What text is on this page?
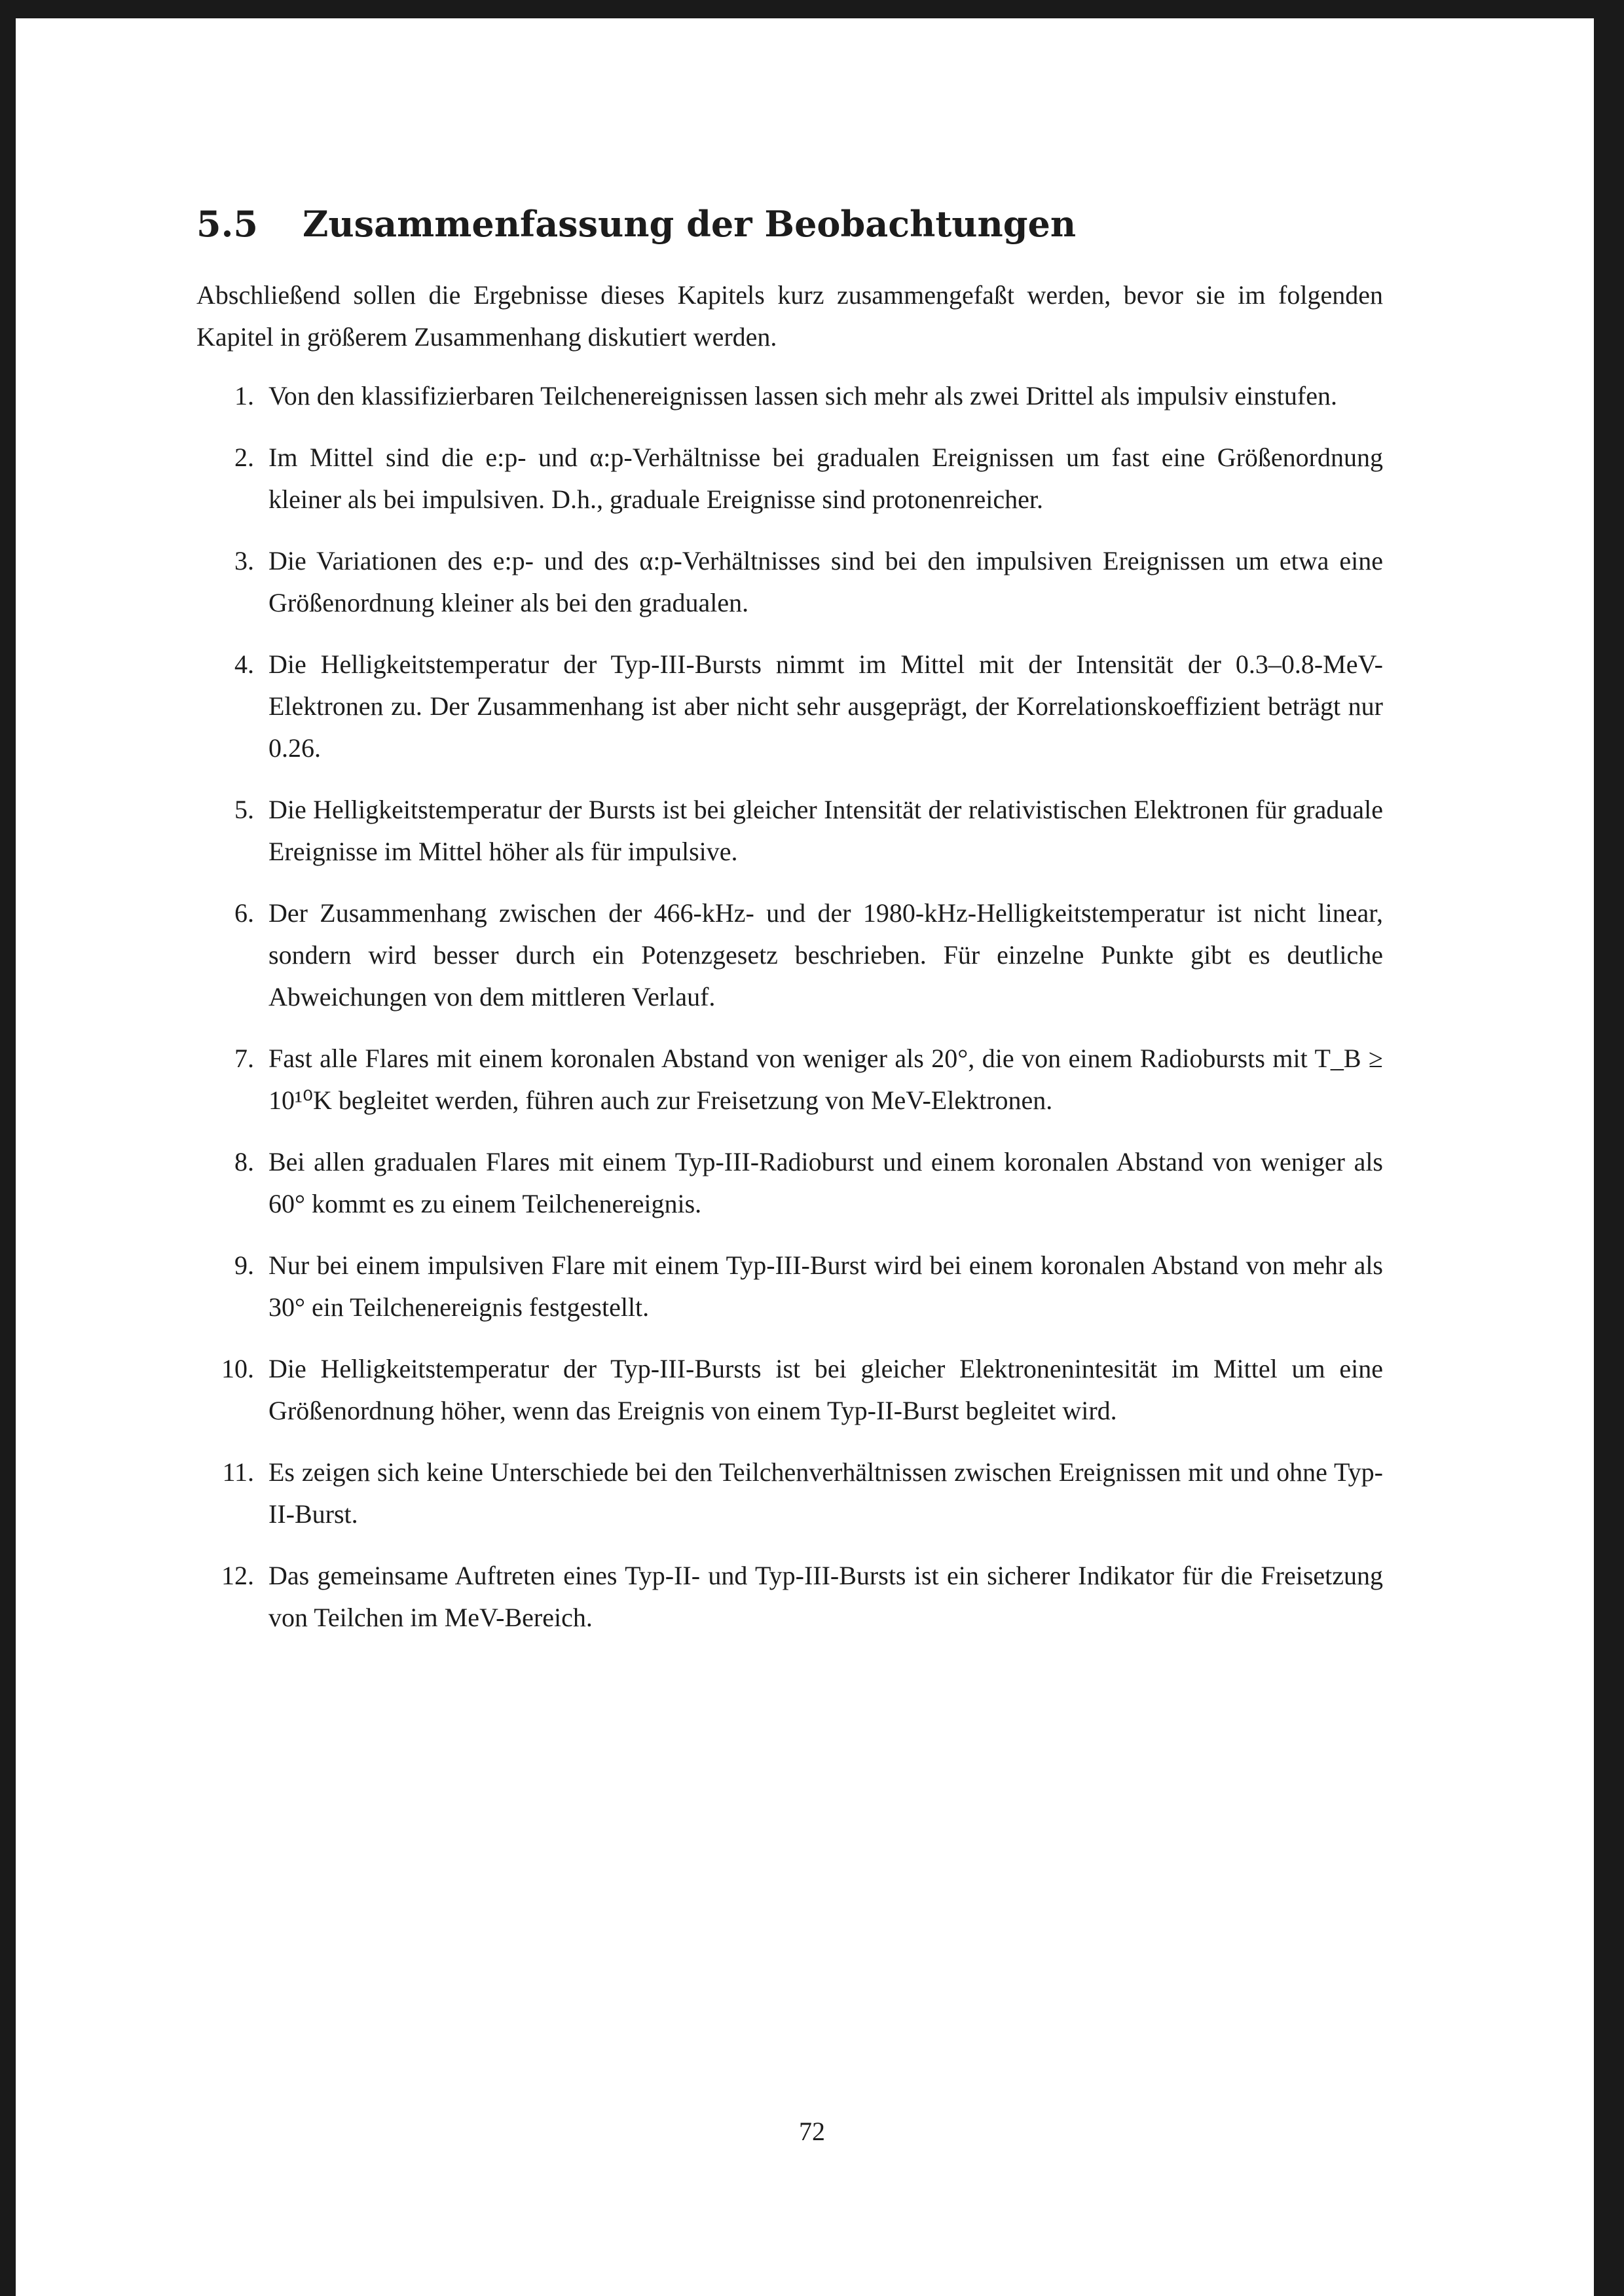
5.5	Zusammenfassung der Beobachtungen

Abschließend sollen die Ergebnisse dieses Kapitels kurz zusammengefaßt werden, bevor sie im folgenden Kapitel in größerem Zusammenhang diskutiert werden.

1. Von den klassifizierbaren Teilchenereignissen lassen sich mehr als zwei Drittel als impulsiv einstufen.
2. Im Mittel sind die e:p- und α:p-Verhältnisse bei gradualen Ereignissen um fast eine Größenordnung kleiner als bei impulsiven. D.h., graduale Ereignisse sind protonenreicher.
3. Die Variationen des e:p- und des α:p-Verhältnisses sind bei den impulsiven Ereignissen um etwa eine Größenordnung kleiner als bei den gradualen.
4. Die Helligkeitstemperatur der Typ-III-Bursts nimmt im Mittel mit der Intensität der 0.3–0.8-MeV-Elektronen zu. Der Zusammenhang ist aber nicht sehr ausgeprägt, der Korrelationskoeffizient beträgt nur 0.26.
5. Die Helligkeitstemperatur der Bursts ist bei gleicher Intensität der relativistischen Elektronen für graduale Ereignisse im Mittel höher als für impulsive.
6. Der Zusammenhang zwischen der 466-kHz- und der 1980-kHz-Helligkeitstemperatur ist nicht linear, sondern wird besser durch ein Potenzgesetz beschrieben. Für einzelne Punkte gibt es deutliche Abweichungen von dem mittleren Verlauf.
7. Fast alle Flares mit einem koronalen Abstand von weniger als 20°, die von einem Radiobursts mit T_B ≥ 10¹⁰K begleitet werden, führen auch zur Freisetzung von MeV-Elektronen.
8. Bei allen gradualen Flares mit einem Typ-III-Radioburst und einem koronalen Abstand von weniger als 60° kommt es zu einem Teilchenereignis.
9. Nur bei einem impulsiven Flare mit einem Typ-III-Burst wird bei einem koronalen Abstand von mehr als 30° ein Teilchenereignis festgestellt.
10. Die Helligkeitstemperatur der Typ-III-Bursts ist bei gleicher Elektronenintesität im Mittel um eine Größenordnung höher, wenn das Ereignis von einem Typ-II-Burst begleitet wird.
11. Es zeigen sich keine Unterschiede bei den Teilchenverhältnissen zwischen Ereignissen mit und ohne Typ-II-Burst.
12. Das gemeinsame Auftreten eines Typ-II- und Typ-III-Bursts ist ein sicherer Indikator für die Freisetzung von Teilchen im MeV-Bereich.
72
